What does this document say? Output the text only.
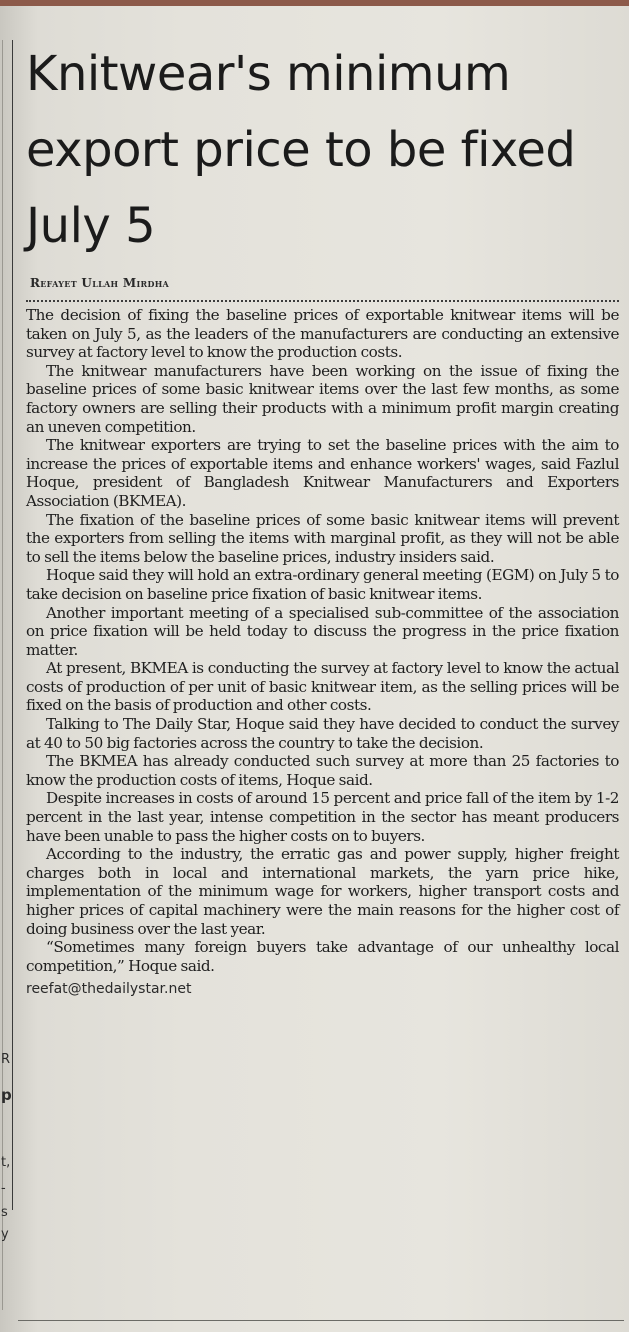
R
p
t,
-
s
y
Knitwear's minimum export price to be fixed July 5
Refayet Ullah Mirdha

The decision of fixing the baseline prices of exportable knitwear items will be taken on July 5, as the leaders of the manufacturers are conducting an extensive survey at factory level to know the production costs.

The knitwear manufacturers have been working on the issue of fixing the baseline prices of some basic knitwear items over the last few months, as some factory owners are selling their products with a minimum profit margin creating an uneven competition.

The knitwear exporters are trying to set the baseline prices with the aim to increase the prices of exportable items and enhance workers' wages, said Fazlul Hoque, president of Bangladesh Knitwear Manufacturers and Exporters Association (BKMEA).

The fixation of the baseline prices of some basic knitwear items will prevent the exporters from selling the items with marginal profit, as they will not be able to sell the items below the baseline prices, industry insiders said.

Hoque said they will hold an extra-ordinary general meeting (EGM) on July 5 to take decision on baseline price fixation of basic knitwear items.

Another important meeting of a specialised sub-committee of the association on price fixation will be held today to discuss the progress in the price fixation matter.

At present, BKMEA is conducting the survey at factory level to know the actual costs of production of per unit of basic knitwear item, as the selling prices will be fixed on the basis of production and other costs.

Talking to The Daily Star, Hoque said they have decided to conduct the survey at 40 to 50 big factories across the country to take the decision.

The BKMEA has already conducted such survey at more than 25 factories to know the production costs of items, Hoque said.

Despite increases in costs of around 15 percent and price fall of the item by 1-2 percent in the last year, intense competition in the sector has meant producers have been unable to pass the higher costs on to buyers.

According to the industry, the erratic gas and power supply, higher freight charges both in local and international markets, the yarn price hike, implementation of the minimum wage for workers, higher transport costs and higher prices of capital machinery were the main reasons for the higher cost of doing business over the last year.

“Sometimes many foreign buyers take advantage of our unhealthy local competition,” Hoque said.

reefat@thedailystar.net
